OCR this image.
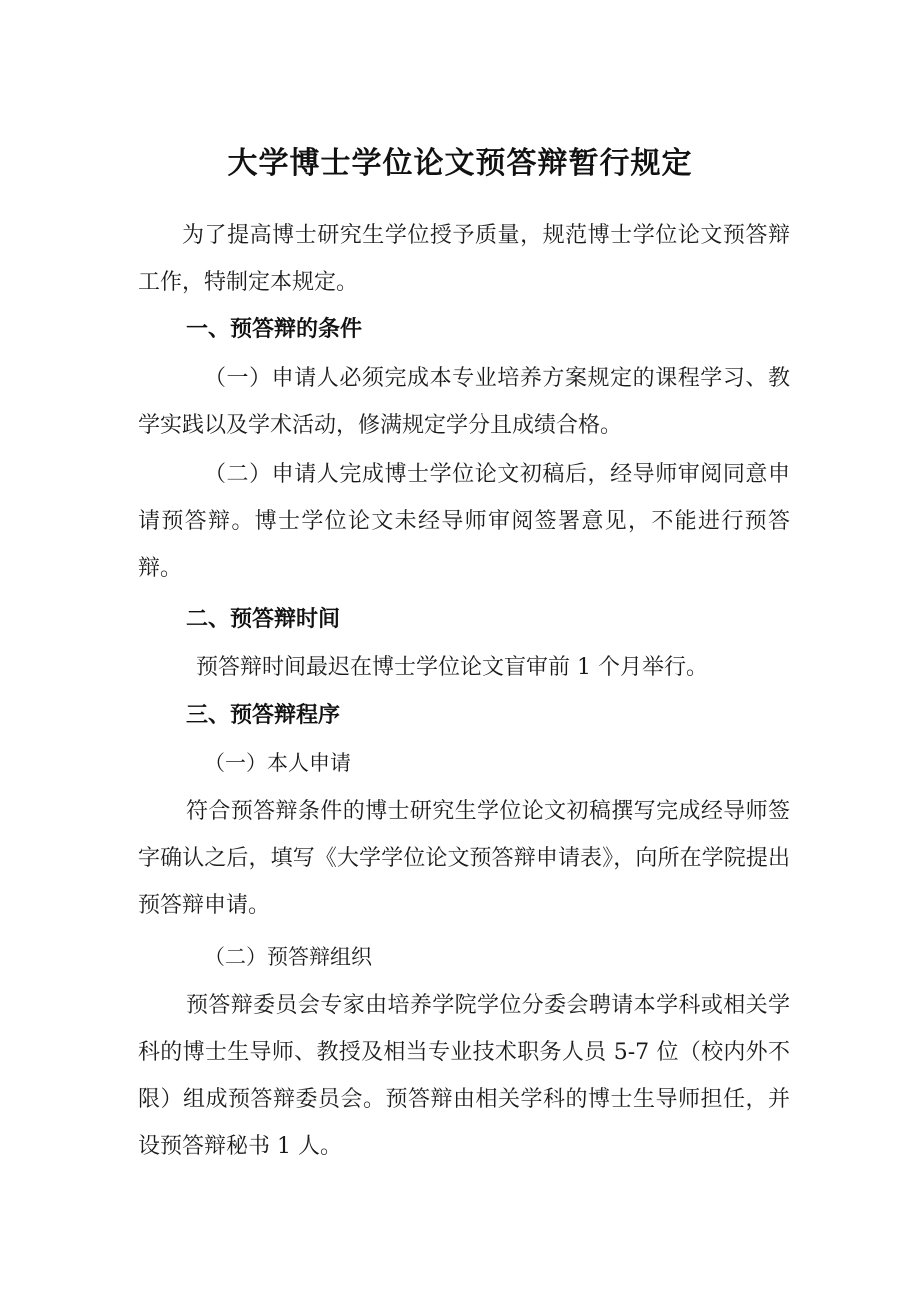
大学博士学位论文预答辩暂行规定

为了提高博士研究生学位授予质量，规范博士学位论文预答辩工作，特制定本规定。

一、预答辩的条件

（一）申请人必须完成本专业培养方案规定的课程学习、教学实践以及学术活动，修满规定学分且成绩合格。

（二）申请人完成博士学位论文初稿后，经导师审阅同意申请预答辩。博士学位论文未经导师审阅签署意见，不能进行预答辩。

二、预答辩时间

预答辩时间最迟在博士学位论文盲审前 1 个月举行。

三、预答辩程序

（一）本人申请

符合预答辩条件的博士研究生学位论文初稿撰写完成经导师签字确认之后，填写《大学学位论文预答辩申请表》，向所在学院提出预答辩申请。

（二）预答辩组织

预答辩委员会专家由培养学院学位分委会聘请本学科或相关学科的博士生导师、教授及相当专业技术职务人员 5-7 位（校内外不限）组成预答辩委员会。预答辩由相关学科的博士生导师担任，并设预答辩秘书 1 人。
